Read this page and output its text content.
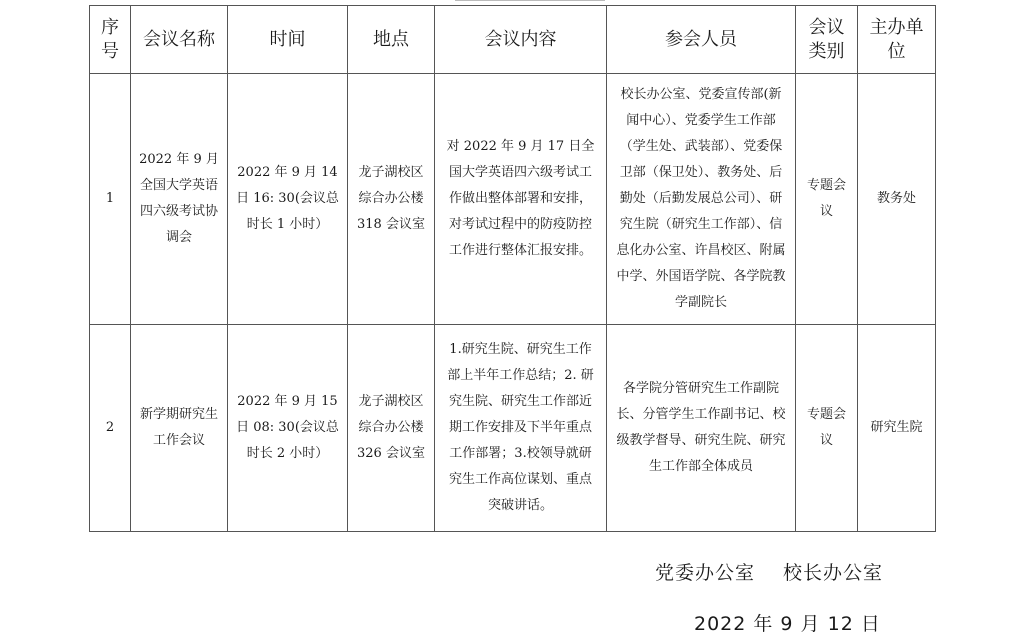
序号	会议名称	时间	地点	会议内容	参会人员	会议类别	主办单位
1	2022 年 9 月全国大学英语四六级考试协调会	2022 年 9 月 14 日 16: 30(会议总时长 1 小时）	龙子湖校区综合办公楼 318 会议室	对 2022 年 9 月 17 日全国大学英语四六级考试工作做出整体部署和安排，对考试过程中的防疫防控工作进行整体汇报安排。	校长办公室、党委宣传部(新闻中心）、党委学生工作部（学生处、武装部）、党委保卫部（保卫处）、教务处、后勤处（后勤发展总公司）、研究生院（研究生工作部）、信息化办公室、许昌校区、附属中学、外国语学院、各学院教学副院长	专题会议	教务处
2	新学期研究生工作会议	2022 年 9 月 15 日 08: 30(会议总时长 2 小时）	龙子湖校区综合办公楼 326 会议室	1.研究生院、研究生工作部上半年工作总结；2. 研究生院、研究生工作部近期工作安排及下半年重点工作部署；3.校领导就研究生工作高位谋划、重点突破讲话。	各学院分管研究生工作副院长、分管学生工作副书记、校级教学督导、研究生院、研究生工作部全体成员	专题会议	研究生院
党委办公室 校长办公室
2022 年 9 月 12 日
